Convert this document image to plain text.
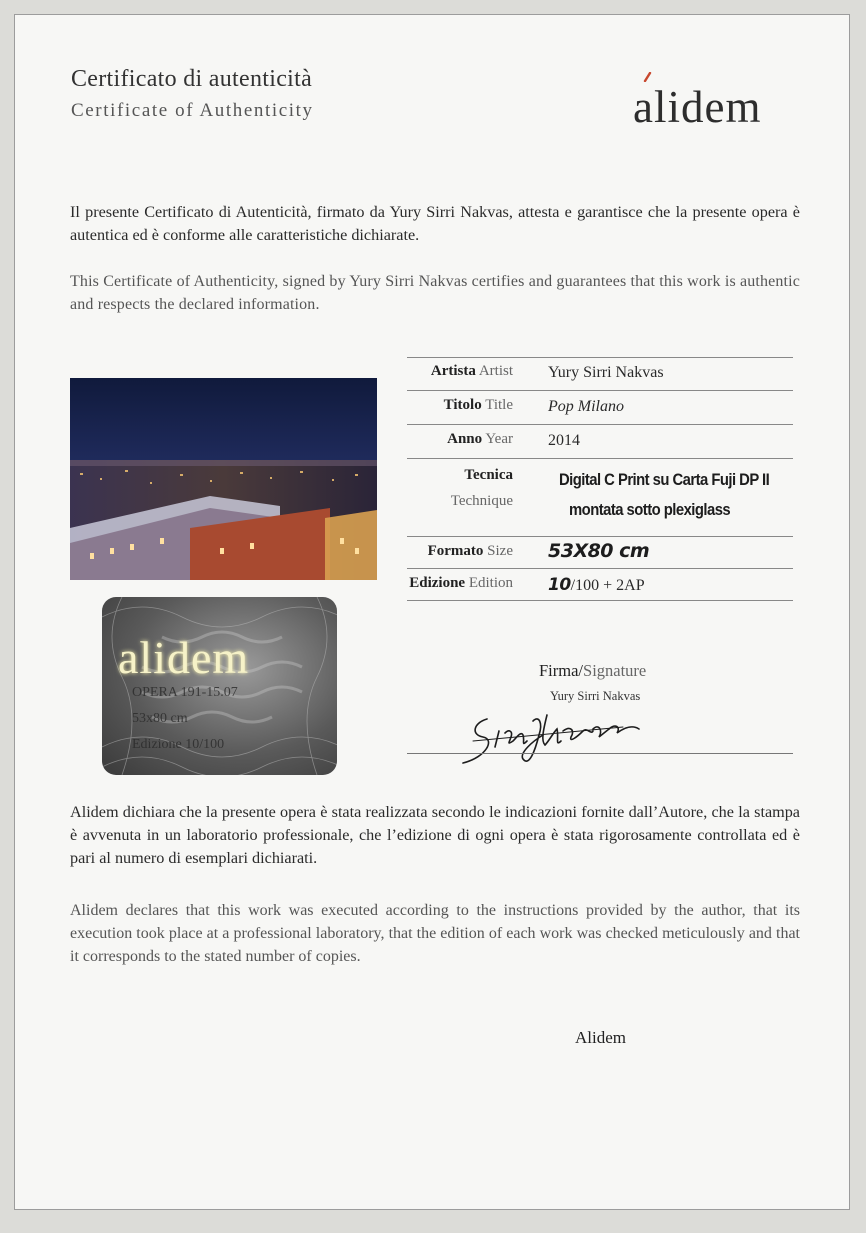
Certificato di autenticità
Certificate of Authenticity	alidem
Il presente Certificato di Autenticità, firmato da Yury Sirri Nakvas, attesta e garantisce che la presente opera è autentica ed è conforme alle caratteristiche dichiarate.
This Certificate of Authenticity, signed by Yury Sirri Nakvas certifies and guarantees that this work is authentic and respects the declared information.
alidem
OPERA 191-15.07
53x80 cm
Edizione 10/100
Artista Artist Yury Sirri Nakvas
Titolo Title Pop Milano
Anno Year 2014
Tecnica
Technique
Digital C Print su Carta Fuji DP II
montata sotto plexiglass
Formato Size 53X80 cm
Edizione Edition 10/100 + 2AP
Firma/Signature
Yury Sirri Nakvas
Alidem dichiara che la presente opera è stata realizzata secondo le indicazioni fornite dall’Autore, che la stampa è avvenuta in un laboratorio professionale, che l’edizione di ogni opera è stata rigorosamente controllata ed è pari al numero di esemplari dichiarati.
Alidem declares that this work was executed according to the instructions provided by the author, that its execution took place at a professional laboratory, that the edition of each work was checked meticulously and that it corresponds to the stated number of copies.
Alidem
